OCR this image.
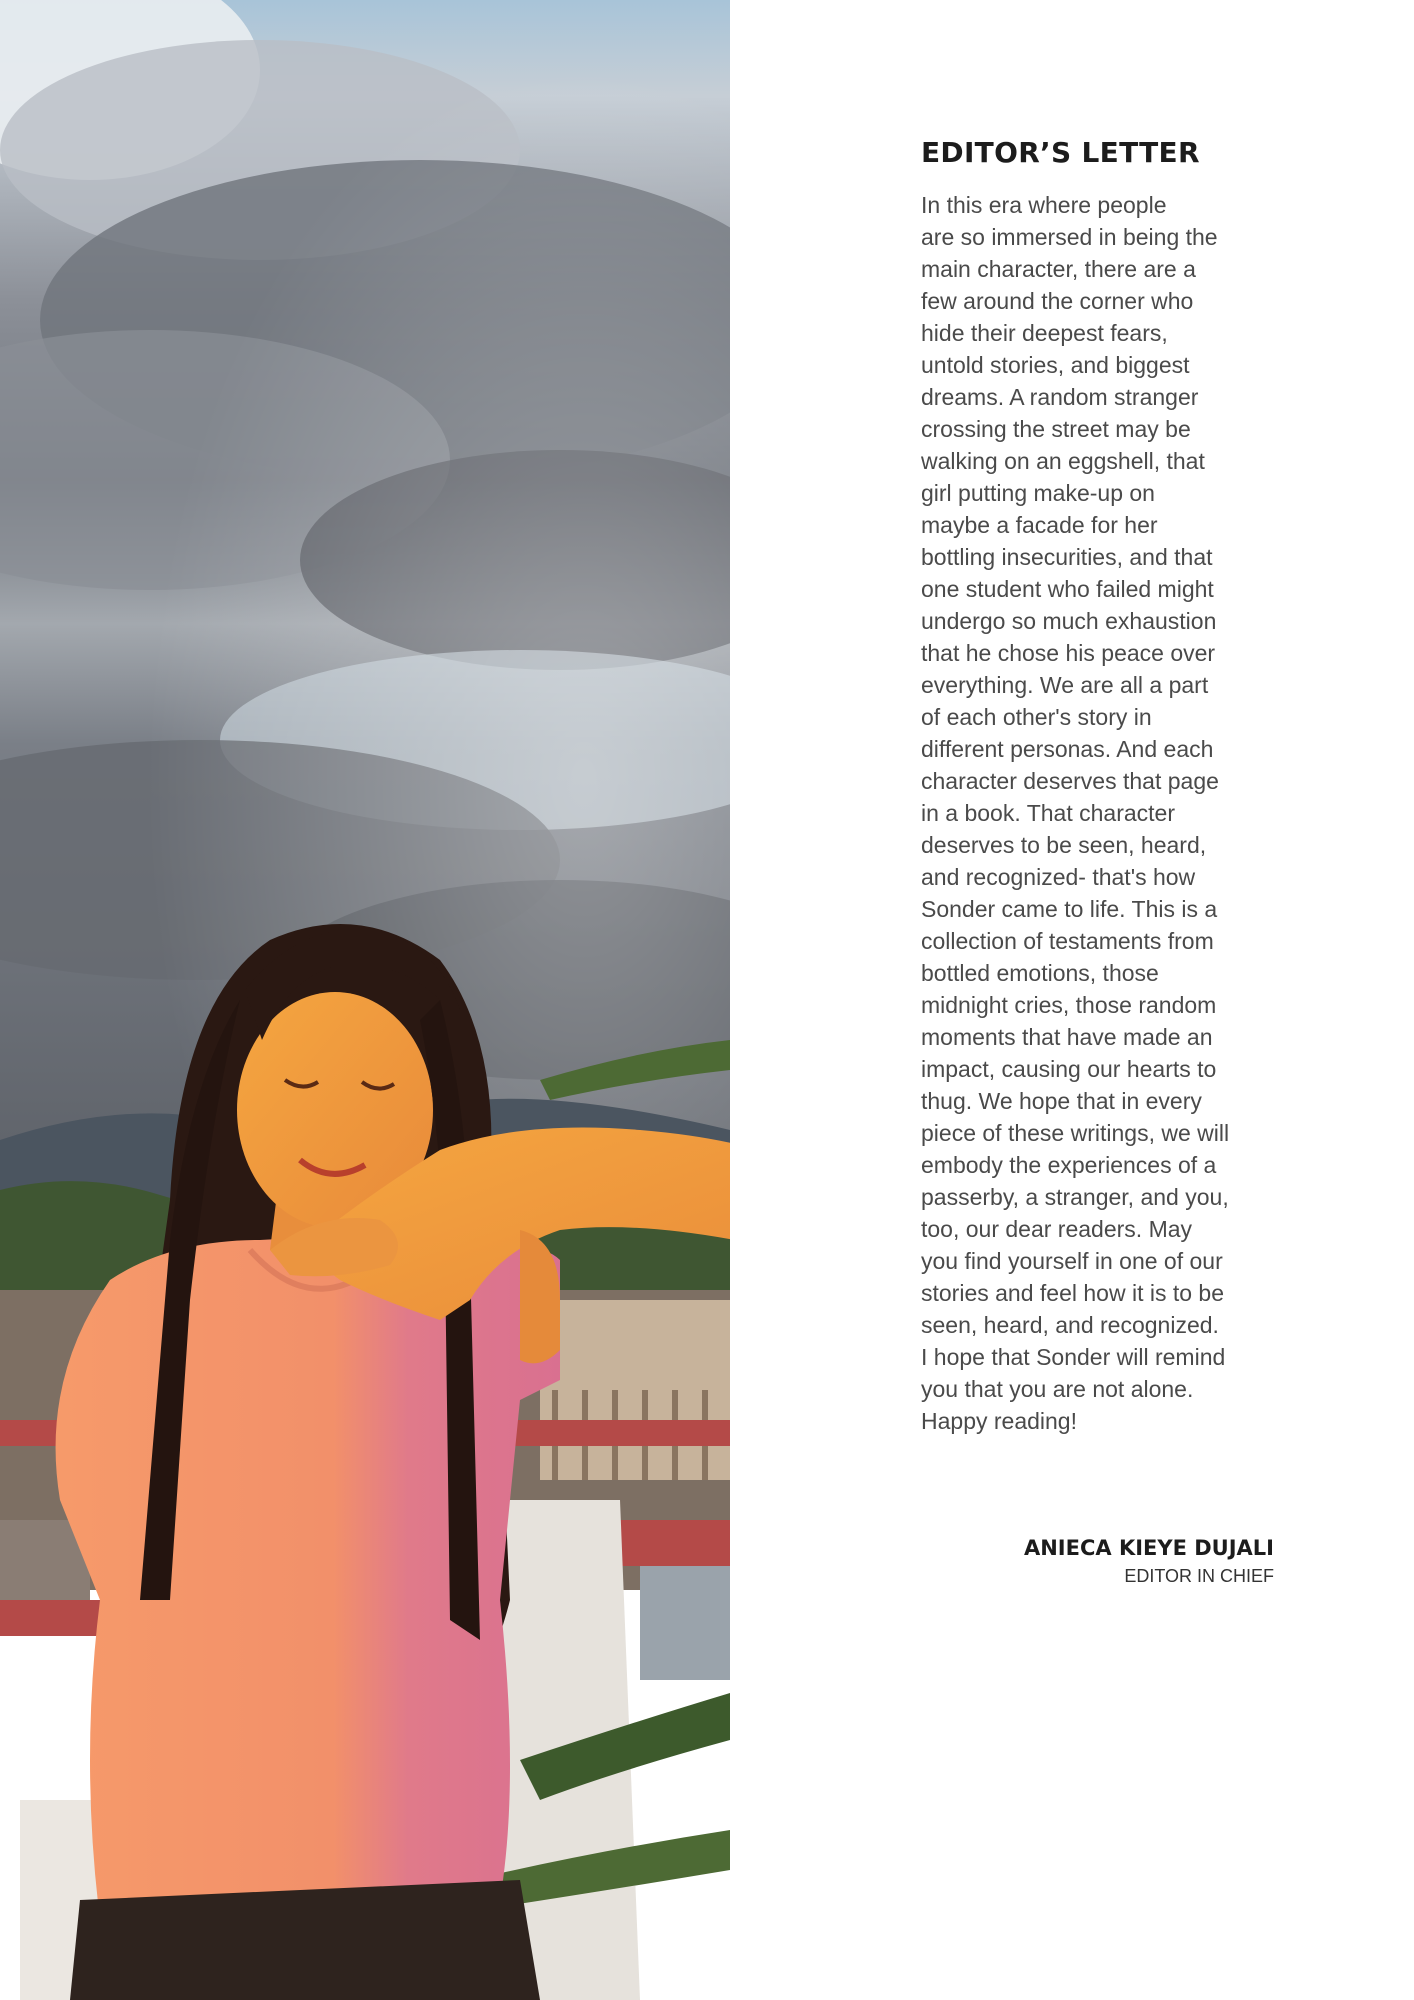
EDITOR’S LETTER

In this era where people
are so immersed in being the
main character, there are a
few around the corner who
hide their deepest fears,
untold stories, and biggest
dreams. A random stranger
crossing the street may be
walking on an eggshell, that
girl putting make-up on
maybe a facade for her
bottling insecurities, and that
one student who failed might
undergo so much exhaustion
that he chose his peace over
everything. We are all a part
of each other's story in
different personas. And each
character deserves that page
in a book. That character
deserves to be seen, heard,
and recognized- that's how
Sonder came to life. This is a
collection of testaments from
bottled emotions, those
midnight cries, those random
moments that have made an
impact, causing our hearts to
thug. We hope that in every
piece of these writings, we will
embody the experiences of a
passerby, a stranger, and you,
too, our dear readers. May
you find yourself in one of our
stories and feel how it is to be
seen, heard, and recognized.
I hope that Sonder will remind
you that you are not alone.
Happy reading!

ANIECA KIEYE DUJALI

EDITOR IN CHIEF
